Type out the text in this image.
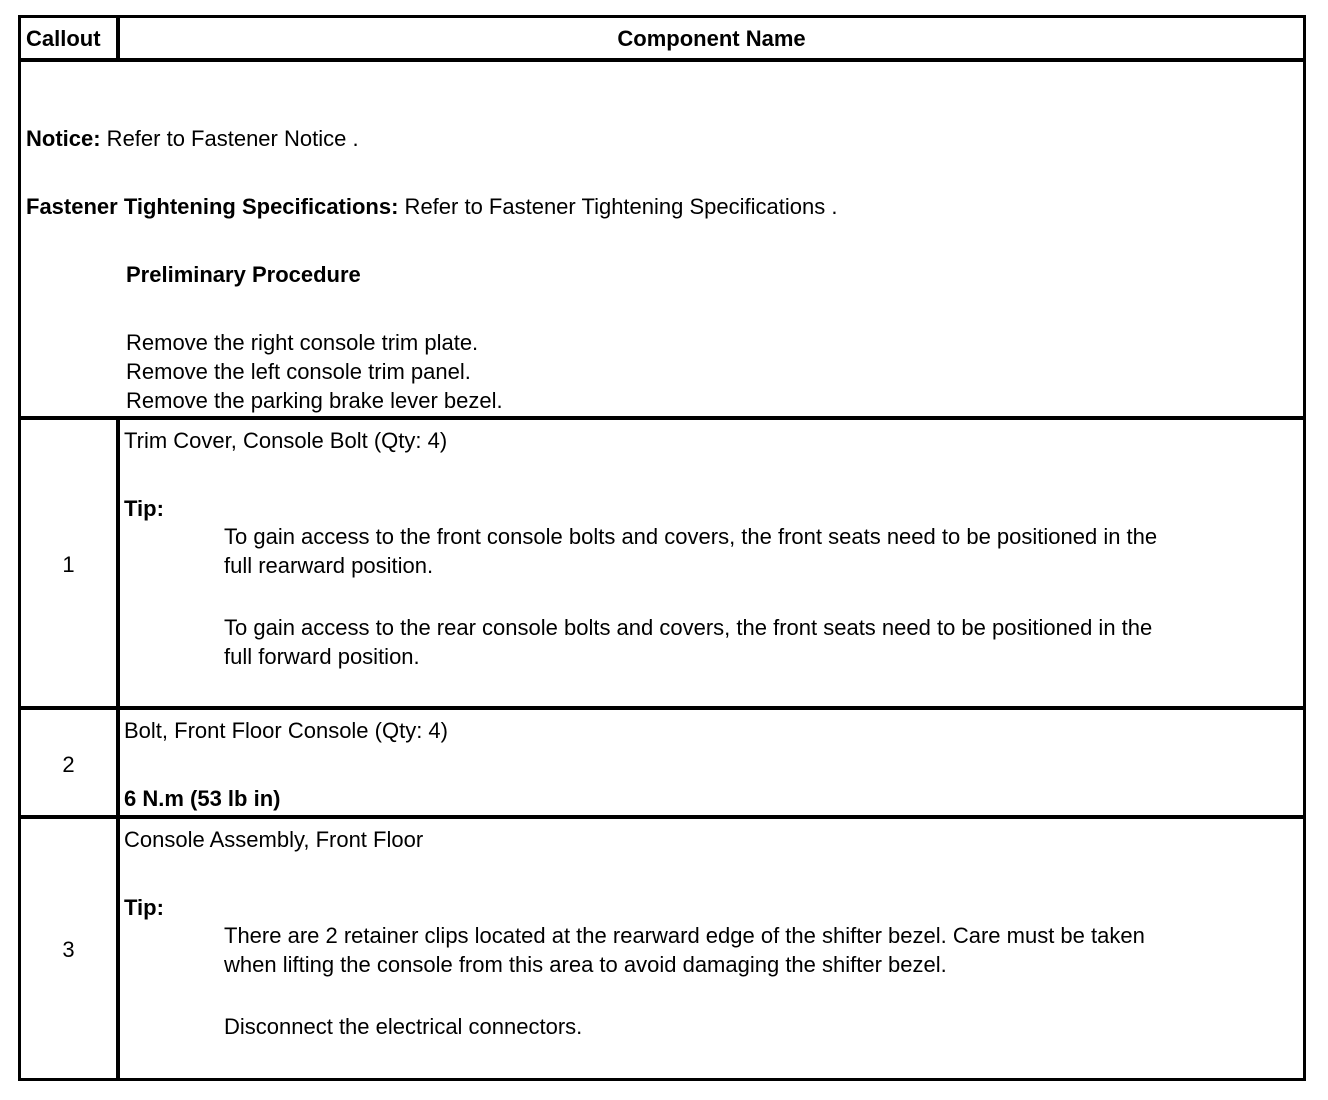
Callout	Component Name
Notice: Refer to Fastener Notice .
Fastener Tightening Specifications: Refer to Fastener Tightening Specifications .
Preliminary Procedure
Remove the right console trim plate.
Remove the left console trim panel.
Remove the parking brake lever bezel.
1
Trim Cover, Console Bolt (Qty: 4)
Tip:
To gain access to the front console bolts and covers, the front seats need to be positioned in the
full rearward position.
To gain access to the rear console bolts and covers, the front seats need to be positioned in the
full forward position.
2
Bolt, Front Floor Console (Qty: 4)
6 N.m (53 lb in)
3
Console Assembly, Front Floor
Tip:
There are 2 retainer clips located at the rearward edge of the shifter bezel. Care must be taken
when lifting the console from this area to avoid damaging the shifter bezel.
Disconnect the electrical connectors.
